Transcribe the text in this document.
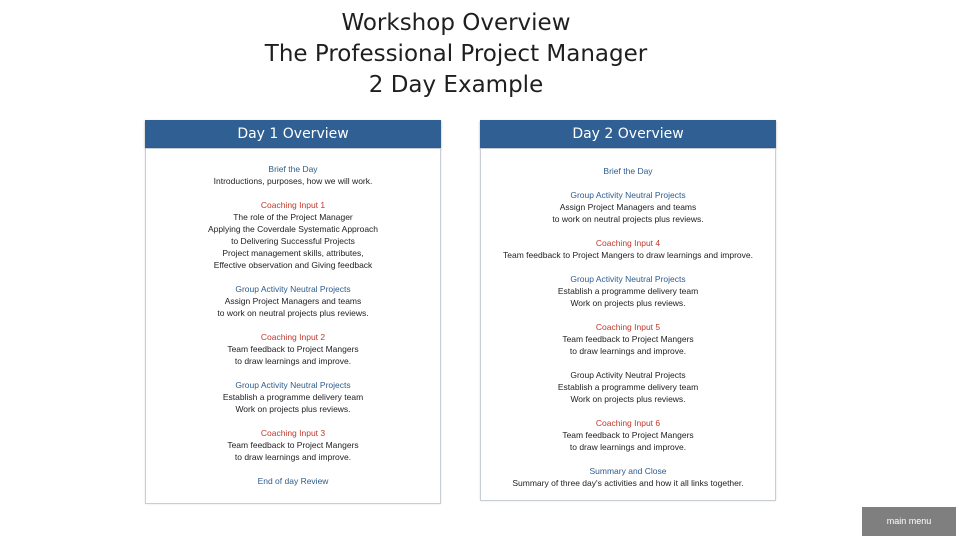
Workshop Overview
The Professional Project Manager
2 Day Example
Day 1 Overview
Brief the Day
Introductions, purposes, how we will work.
Coaching Input 1
The role of the Project Manager
Applying the Coverdale Systematic Approach
to Delivering Successful Projects
Project management skills, attributes,
Effective observation and Giving feedback
Group Activity Neutral Projects
Assign Project Managers and teams
to work on neutral projects plus reviews.
Coaching Input 2
Team feedback to Project Mangers
to draw learnings and improve.
Group Activity Neutral Projects
Establish a programme delivery team
Work on projects plus reviews.
Coaching Input 3
Team feedback to Project Mangers
to draw learnings and improve.
End of day Review
Day 2 Overview
Brief the Day
Group Activity Neutral Projects
Assign Project Managers and teams
to work on neutral projects plus reviews.
Coaching Input 4
Team feedback to Project Mangers to draw learnings and improve.
Group Activity Neutral Projects
Establish a programme delivery team
Work on projects plus reviews.
Coaching Input 5
Team feedback to Project Mangers
to draw learnings and improve.
Group Activity Neutral Projects
Establish a programme delivery team
Work on projects plus reviews.
Coaching Input 6
Team feedback to Project Mangers
to draw learnings and improve.
Summary and Close
Summary of three day's activities and how it all links together.
main menu
